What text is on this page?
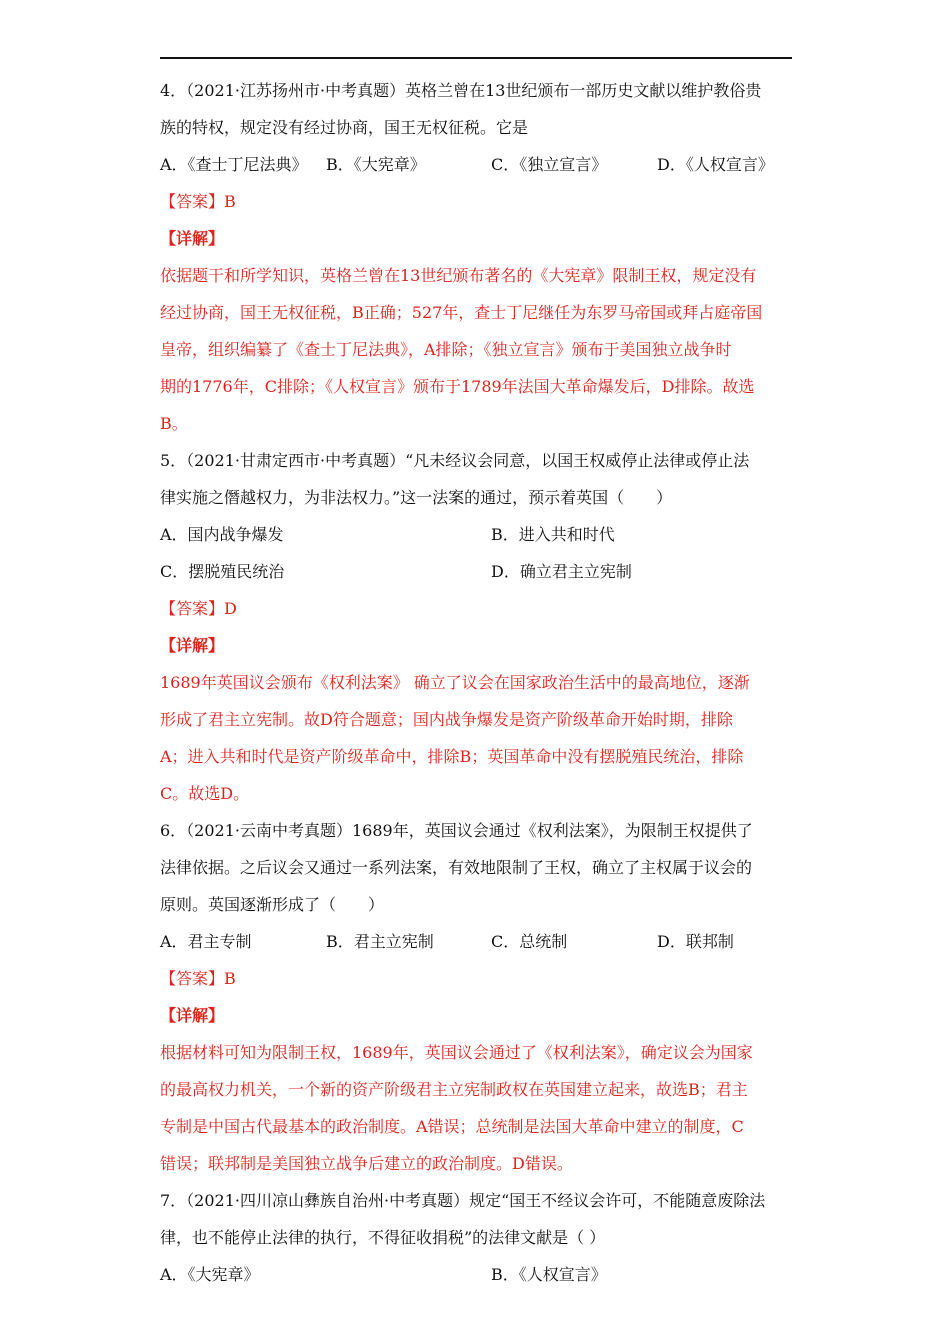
4．（2021·江苏扬州市·中考真题）英格兰曾在13世纪颁布一部历史文献以维护教俗贵
族的特权，规定没有经过协商，国王无权征税。它是
A．《查士丁尼法典》 B．《大宪章》	C．《独立宣言》	D．《人权宣言》
【答案】B
【详解】
依据题干和所学知识，英格兰曾在13世纪颁布著名的《大宪章》限制王权，规定没有
经过协商，国王无权征税，B正确；527年，查士丁尼继任为东罗马帝国或拜占庭帝国
皇帝，组织编纂了《查士丁尼法典》，A排除；《独立宣言》颁布于美国独立战争时
期的1776年，C排除；《人权宣言》颁布于1789年法国大革命爆发后，D排除。故选
B。
5．（2021·甘肃定西市·中考真题）“凡未经议会同意，以国王权威停止法律或停止法
律实施之僭越权力，为非法权力。”这一法案的通过，预示着英国（　　）
A．国内战争爆发	B．进入共和时代
C．摆脱殖民统治	D．确立君主立宪制
【答案】D
【详解】
1689年英国议会颁布《权利法案》 确立了议会在国家政治生活中的最高地位，逐渐
形成了君主立宪制。故D符合题意；国内战争爆发是资产阶级革命开始时期，排除
A；进入共和时代是资产阶级革命中，排除B；英国革命中没有摆脱殖民统治，排除
C。故选D。
6．（2021·云南中考真题）1689年，英国议会通过《权利法案》，为限制王权提供了
法律依据。之后议会又通过一系列法案，有效地限制了王权，确立了主权属于议会的
原则。英国逐渐形成了（　　）
A．君主专制	B．君主立宪制	C．总统制	D．联邦制
【答案】B
【详解】
根据材料可知为限制王权，1689年，英国议会通过了《权利法案》，确定议会为国家
的最高权力机关，一个新的资产阶级君主立宪制政权在英国建立起来，故选B；君主
专制是中国古代最基本的政治制度。A错误；总统制是法国大革命中建立的制度，C
错误；联邦制是美国独立战争后建立的政治制度。D错误。
7．（2021·四川凉山彝族自治州·中考真题）规定“国王不经议会许可，不能随意废除法
律，也不能停止法律的执行，不得征收捐税”的法律文献是（ ）
A．《大宪章》	B．《人权宣言》
